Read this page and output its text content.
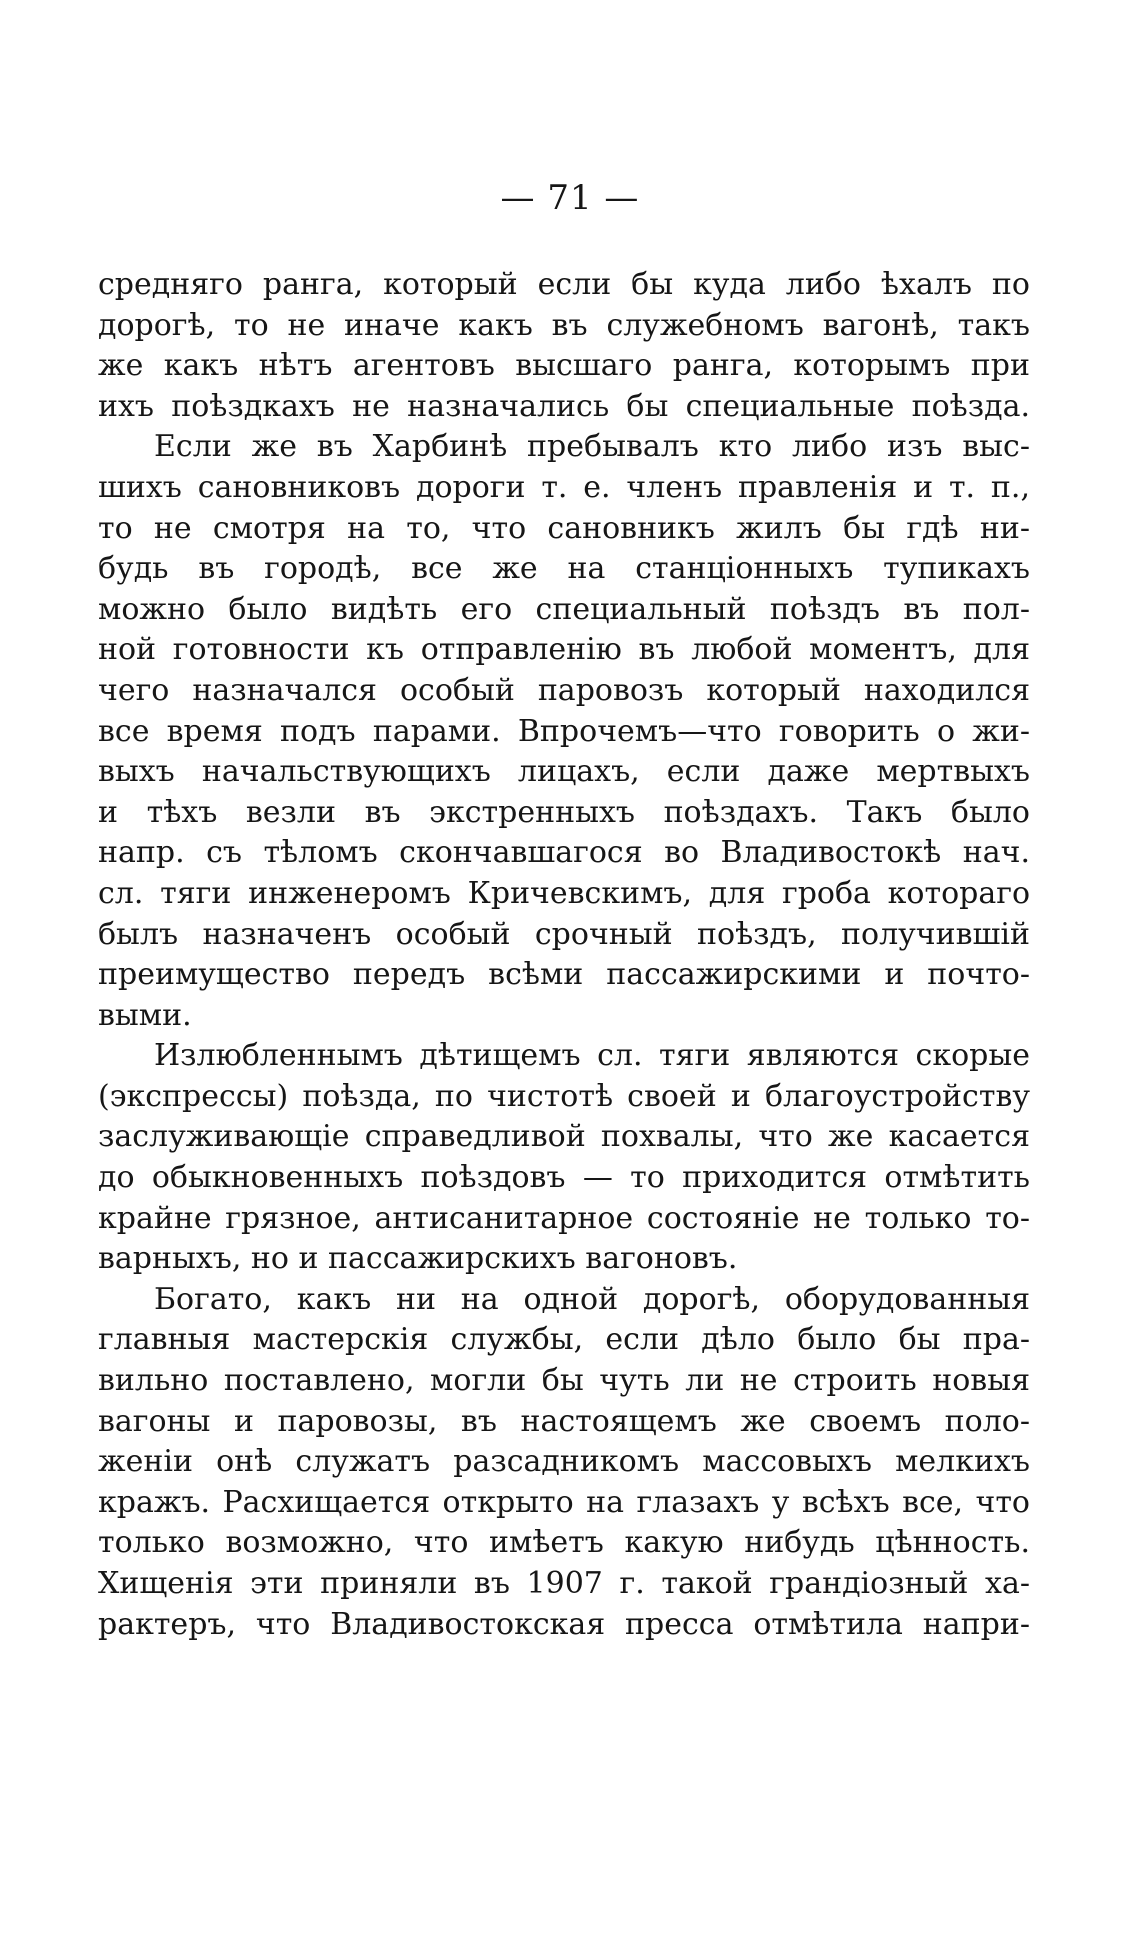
— 71 —
средняго ранга, который если бы куда либо ѣхалъ по
дорогѣ, то не иначе какъ въ служебномъ вагонѣ, такъ
же какъ нѣтъ агентовъ высшаго ранга, которымъ при
ихъ поѣздкахъ не назначались бы специальные поѣзда.
Если же въ Харбинѣ пребывалъ кто либо изъ выс-
шихъ сановниковъ дороги т. е. членъ правленія и т. п.,
то не смотря на то, что сановникъ жилъ бы гдѣ ни-
будь въ городѣ, все же на станціонныхъ тупикахъ
можно было видѣть его специальный поѣздъ въ пол-
ной готовности къ отправленію въ любой моментъ, для
чего назначался особый паровозъ который находился
все время подъ парами. Впрочемъ—что говорить о жи-
выхъ начальствующихъ лицахъ, если даже мертвыхъ
и тѣхъ везли въ экстренныхъ поѣздахъ. Такъ было
напр. съ тѣломъ скончавшагося во Владивостокѣ нач.
сл. тяги инженеромъ Кричевскимъ, для гроба котораго
былъ назначенъ особый срочный поѣздъ, получившій
преимущество передъ всѣми пассажирскими и почто-
выми.
Излюбленнымъ дѣтищемъ сл. тяги являются скорые
(экспрессы) поѣзда, по чистотѣ своей и благоустройству
заслуживающіе справедливой похвалы, что же касается
до обыкновенныхъ поѣздовъ — то приходится отмѣтить
крайне грязное, антисанитарное состояніе не только то-
варныхъ, но и пассажирскихъ вагоновъ.
Богато, какъ ни на одной дорогѣ, оборудованныя
главныя мастерскія службы, если дѣло было бы пра-
вильно поставлено, могли бы чуть ли не строить новыя
вагоны и паровозы, въ настоящемъ же своемъ поло-
женіи онѣ служатъ разсадникомъ массовыхъ мелкихъ
кражъ. Расхищается открыто на глазахъ у всѣхъ все, что
только возможно, что имѣетъ какую нибудь цѣнность.
Хищенія эти приняли въ 1907 г. такой грандіозный ха-
рактеръ, что Владивостокская пресса отмѣтила напри-
